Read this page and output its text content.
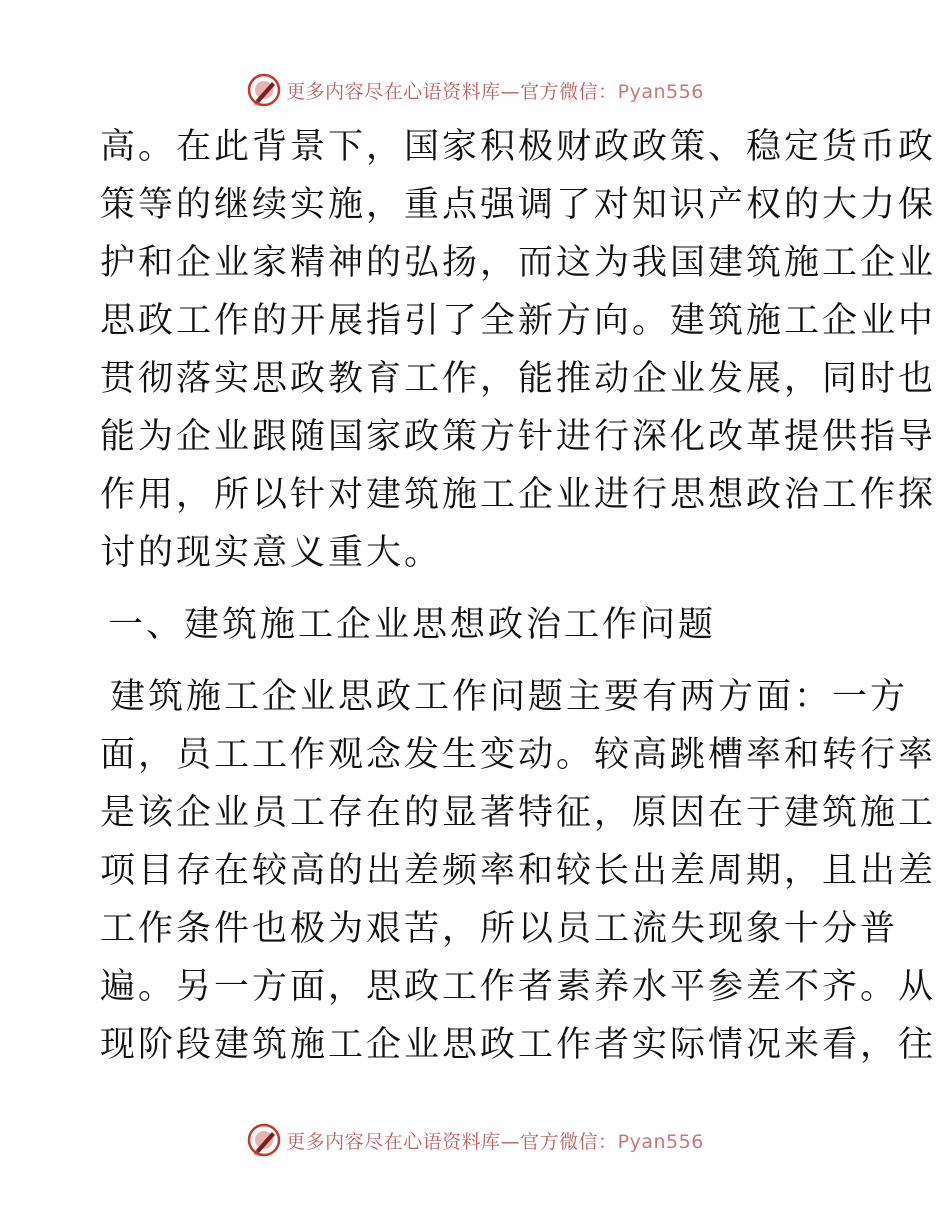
更多内容尽在心语资料库—官方微信：Pyan556
高。在此背景下，国家积极财政政策、稳定货币政
策等的继续实施，重点强调了对知识产权的大力保
护和企业家精神的弘扬，而这为我国建筑施工企业
思政工作的开展指引了全新方向。建筑施工企业中
贯彻落实思政教育工作，能推动企业发展，同时也
能为企业跟随国家政策方针进行深化改革提供指导
作用，所以针对建筑施工企业进行思想政治工作探
讨的现实意义重大。
一、建筑施工企业思想政治工作问题
建筑施工企业思政工作问题主要有两方面：一方
面，员工工作观念发生变动。较高跳槽率和转行率
是该企业员工存在的显著特征，原因在于建筑施工
项目存在较高的出差频率和较长出差周期，且出差
工作条件也极为艰苦，所以员工流失现象十分普
遍。另一方面，思政工作者素养水平参差不齐。从
现阶段建筑施工企业思政工作者实际情况来看，往
更多内容尽在心语资料库—官方微信：Pyan556
